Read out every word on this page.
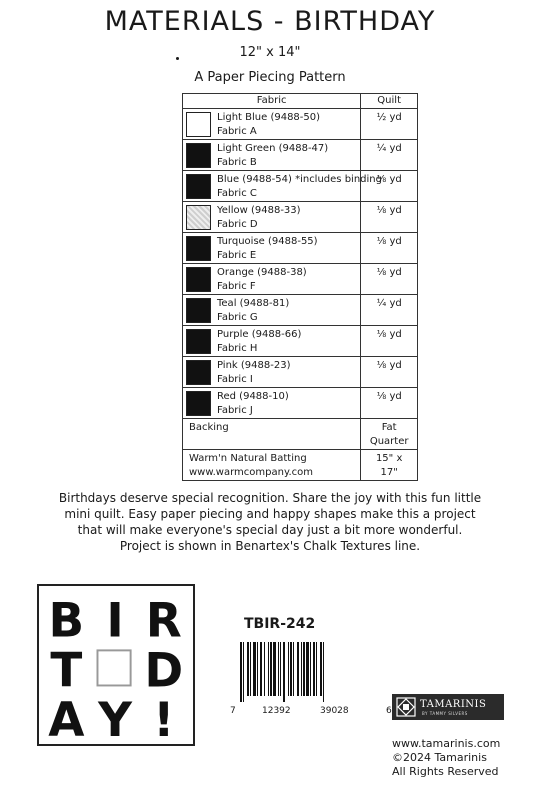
MATERIALS - BIRTHDAY
12" x 14"
A Paper Piecing Pattern
Fabric	Quilt

Light Blue (9488-50)
Fabric A	½ yd

Light Green (9488-47)
Fabric B	¼ yd

Blue (9488-54) *includes binding
Fabric C	⅛ yd

Yellow (9488-33)
Fabric D	⅛ yd

Turquoise (9488-55)
Fabric E	⅛ yd

Orange (9488-38)
Fabric F	⅛ yd

Teal (9488-81)
Fabric G	¼ yd

Purple (9488-66)
Fabric H	⅛ yd

Pink (9488-23)
Fabric I	⅛ yd

Red (9488-10)
Fabric J	⅛ yd

Backing	Fat
Quarter

Warm'n Natural Batting
www.warmcompany.com	15" x
17"

Birthdays deserve special recognition. Share the joy with this fun little

mini quilt. Easy paper piecing and happy shapes make this a project

that will make everyone's special day just a bit more wonderful.

Project is shown in Benartex's Chalk Textures line.

B I R
T D
A Y !
TBIR-242
7	12392	39028	6
TAMARINIS
BY TAMMY SILVERS
www.tamarinis.com
©2024 Tamarinis
All Rights Reserved
